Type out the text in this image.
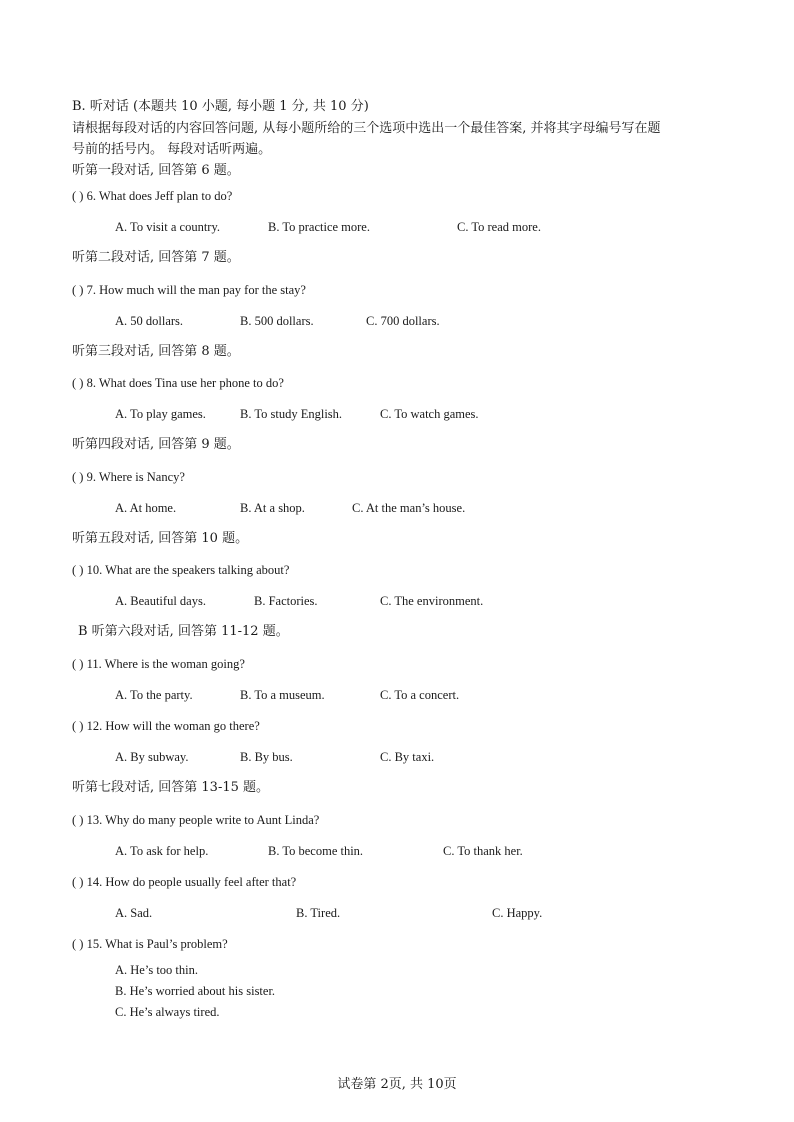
B. 听对话 (本题共 10 小题, 每小题 1 分, 共 10 分)
请根据每段对话的内容回答问题, 从每小题所给的三个选项中选出一个最佳答案, 并将其字母编号写在题
号前的括号内。 每段对话听两遍。
听第一段对话, 回答第 6 题。
( ) 6. What does Jeff plan to do?
A. To visit a country.	B. To practice more.	C. To read more.
听第二段对话, 回答第 7 题。
( ) 7. How much will the man pay for the stay?
A. 50 dollars.	B. 500 dollars.	C. 700 dollars.
听第三段对话, 回答第 8 题。
( ) 8. What does Tina use her phone to do?
A. To play games.	B. To study English.	C. To watch games.
听第四段对话, 回答第 9 题。
( ) 9. Where is Nancy?
A. At home.	B. At a shop.	C. At the man’s house.
听第五段对话, 回答第 10 题。
( ) 10. What are the speakers talking about?
A. Beautiful days.	B. Factories.	C. The environment.
B 听第六段对话, 回答第 11-12 题。
( ) 11. Where is the woman going?
A. To the party.	B. To a museum.	C. To a concert.
( ) 12. How will the woman go there?
A. By subway.	B. By bus.	C. By taxi.
听第七段对话, 回答第 13-15 题。
( ) 13. Why do many people write to Aunt Linda?
A. To ask for help.	B. To become thin.	C. To thank her.
( ) 14. How do people usually feel after that?
A. Sad.	B. Tired.	C. Happy.
( ) 15. What is Paul’s problem?
A. He’s too thin.
B. He’s worried about his sister.
C. He’s always tired.
试卷第 2页, 共 10页
